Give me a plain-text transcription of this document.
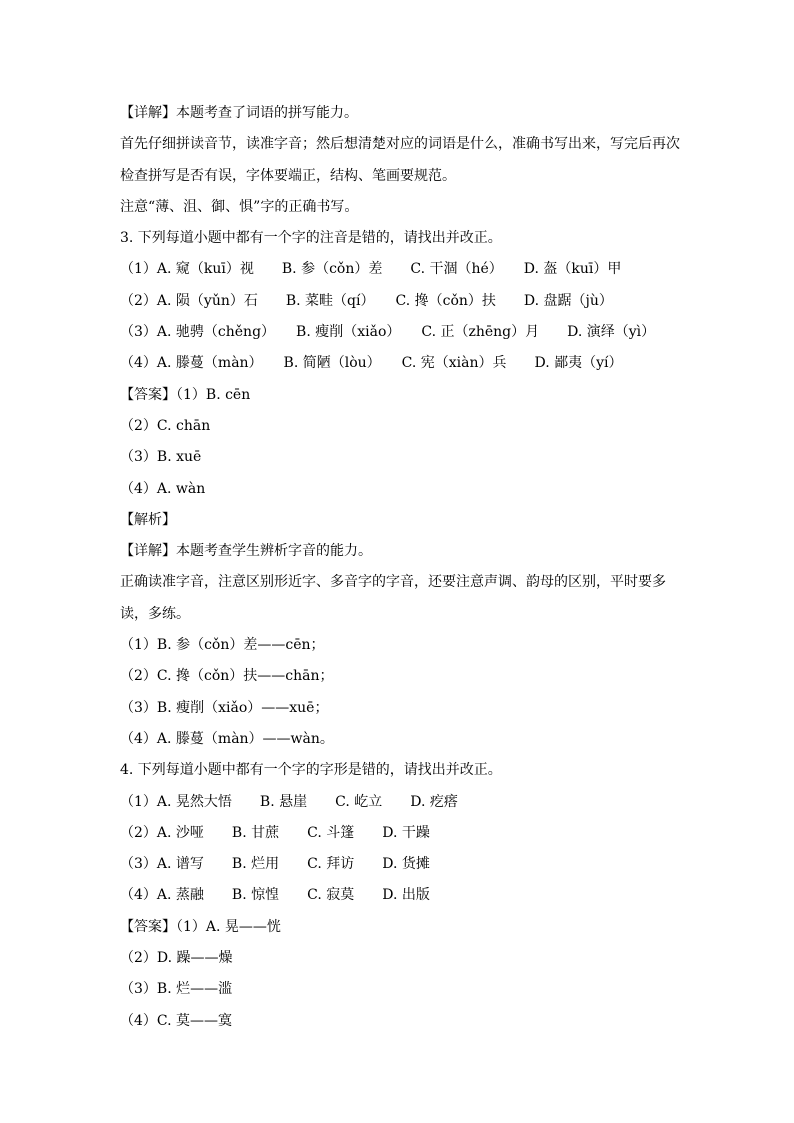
【详解】本题考查了词语的拼写能力。
首先仔细拼读音节，读准字音；然后想清楚对应的词语是什么，准确书写出来，写完后再次检查拼写是否有误，字体要端正，结构、笔画要规范。
注意“薄、沮、御、惧”字的正确书写。
3. 下列每道小题中都有一个字的注音是错的，请找出并改正。
（1）A. 窥（kuī）视　　B. 参（cǒn）差　　C. 干涸（hé）　　D. 盔（kuī）甲
（2）A. 陨（yǔn）石　　B. 菜畦（qí）　　C. 搀（cǒn）扶　　D. 盘踞（jù）
（3）A. 驰骋（chěng）　　B. 瘦削（xiǎo）　　C. 正（zhēng）月　　D. 演绎（yì）
（4）A. 滕蔓（màn）　　B. 简陋（lòu）　　C. 宪（xiàn）兵　　D. 鄙夷（yí）
【答案】（1）B. cēn
（2）C. chān
（3）B. xuē
（4）A. wàn
【解析】
【详解】本题考查学生辨析字音的能力。
正确读准字音，注意区别形近字、多音字的字音，还要注意声调、韵母的区别，平时要多读，多练。
（1）B. 参（cǒn）差——cēn；
（2）C. 搀（cǒn）扶——chān；
（3）B. 瘦削（xiǎo）——xuē；
（4）A. 滕蔓（màn）——wàn。
4. 下列每道小题中都有一个字的字形是错的，请找出并改正。
（1）A. 晃然大悟　　B. 悬崖　　C. 屹立　　D. 疙瘩
（2）A. 沙哑　　B. 甘蔗　　C. 斗篷　　D. 干躁
（3）A. 谱写　　B. 烂用　　C. 拜访　　D. 货摊
（4）A. 蒸融　　B. 惊惶　　C. 寂莫　　D. 出版
【答案】（1）A. 晃——恍
（2）D. 躁——燥
（3）B. 烂——滥
（4）C. 莫——寞
